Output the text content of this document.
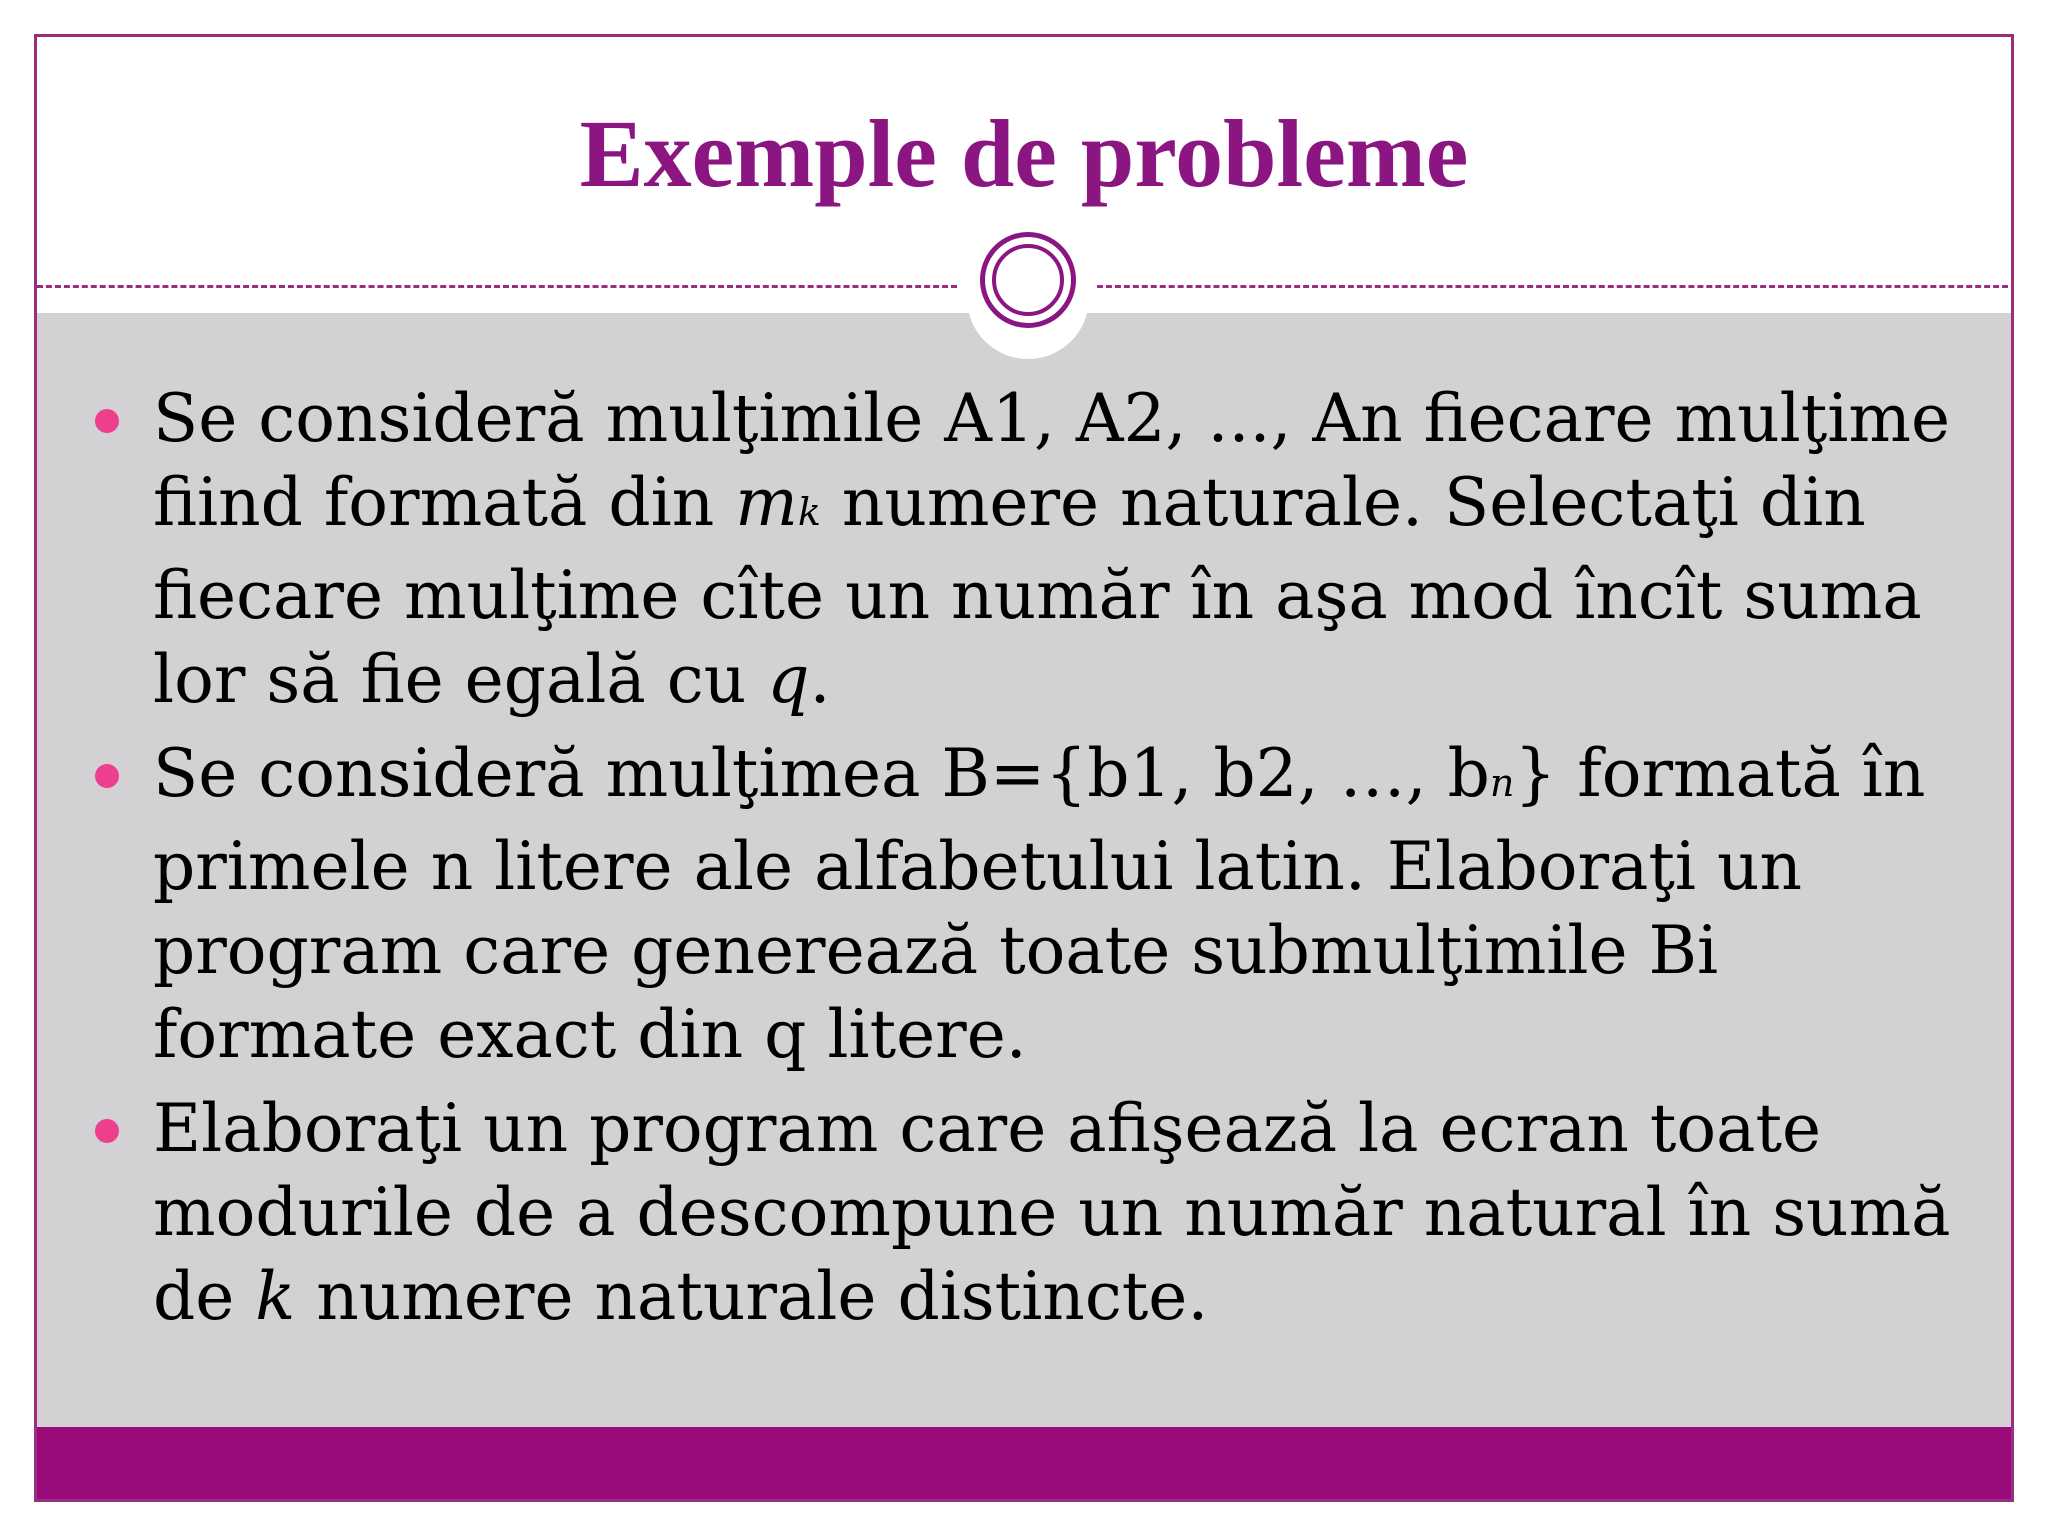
Exemple de probleme
Se consideră mulţimile A1, A2, ..., An fiecare mulţime fiind formată din mk numere naturale. Selectaţi din fiecare mulţime cîte un număr în aşa mod încît suma lor să fie egală cu q.
Se consideră mulţimea B={b1, b2, …, bn} formată în primele n litere ale alfabetului latin. Elaboraţi un program care generează toate submulţimile Bi formate exact din q litere.
Elaboraţi un program care afişează la ecran toate modurile de a descompune un număr natural în sumă de k numere naturale distincte.
